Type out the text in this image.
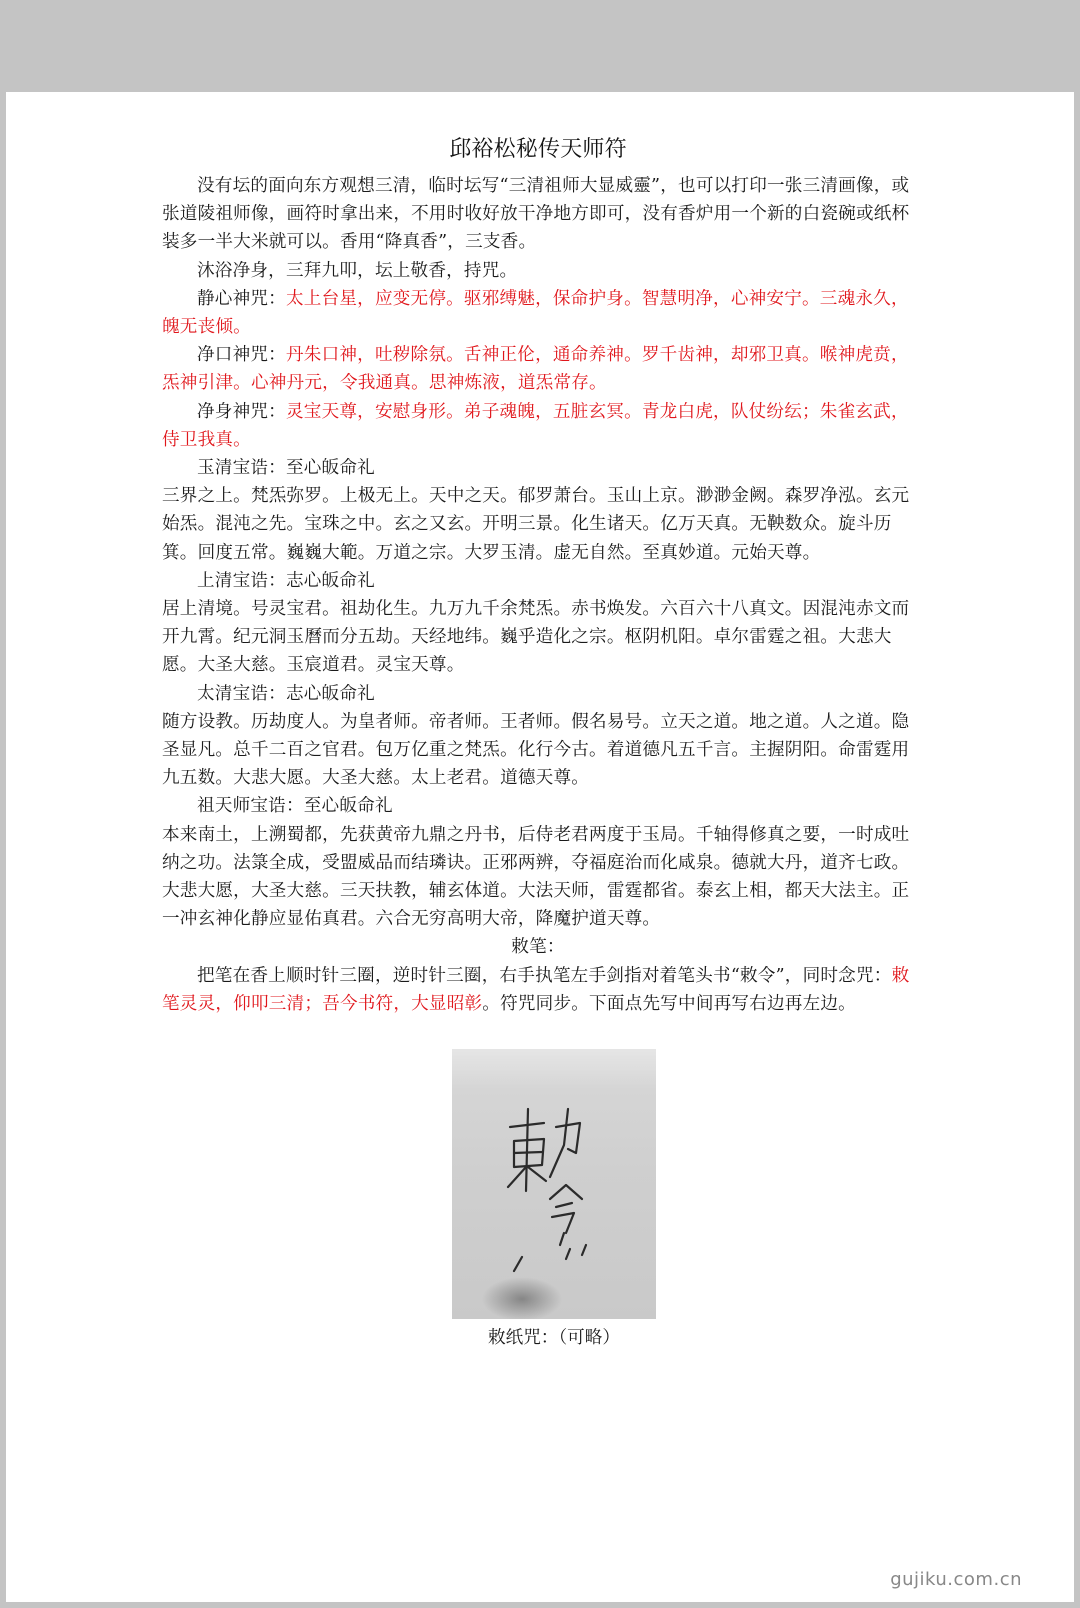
邱裕松秘传天师符

没有坛的面向东方观想三清，临时坛写“三清祖师大显威靈”，也可以打印一张三清画像，或张道陵祖师像，画符时拿出来，不用时收好放干净地方即可，没有香炉用一个新的白瓷碗或纸杯装多一半大米就可以。香用“降真香”，三支香。

沐浴净身，三拜九叩，坛上敬香，持咒。

静心神咒：太上台星，应变无停。驱邪缚魅，保命护身。智慧明净，心神安宁。三魂永久，魄无丧倾。

净口神咒：丹朱口神，吐秽除氛。舌神正伦，通命养神。罗千齿神，却邪卫真。喉神虎贲，炁神引津。心神丹元，令我通真。思神炼液，道炁常存。

净身神咒：灵宝天尊，安慰身形。弟子魂魄，五脏玄冥。青龙白虎，队仗纷纭；朱雀玄武，侍卫我真。

玉清宝诰：至心皈命礼

三界之上。梵炁弥罗。上极无上。天中之天。郁罗萧台。玉山上京。渺渺金阙。森罗净泓。玄元始炁。混沌之先。宝珠之中。玄之又玄。开明三景。化生诸天。亿万天真。无鞅数众。旋斗历箕。回度五常。巍巍大範。万道之宗。大罗玉清。虚无自然。至真妙道。元始天尊。

上清宝诰：志心皈命礼

居上清境。号灵宝君。祖劫化生。九万九千余梵炁。赤书焕发。六百六十八真文。因混沌赤文而开九霄。纪元洞玉曆而分五劫。天经地纬。巍乎造化之宗。枢阴机阳。卓尔雷霆之祖。大悲大愿。大圣大慈。玉宸道君。灵宝天尊。

太清宝诰：志心皈命礼

随方设教。历劫度人。为皇者师。帝者师。王者师。假名易号。立天之道。地之道。人之道。隐圣显凡。总千二百之官君。包万亿重之梵炁。化行今古。着道德凡五千言。主握阴阳。命雷霆用九五数。大悲大愿。大圣大慈。太上老君。道德天尊。

祖天师宝诰：至心皈命礼

本来南土，上溯蜀都，先获黄帝九鼎之丹书，后侍老君两度于玉局。千轴得修真之要，一时成吐纳之功。法箓全成，受盟威品而结璘诀。正邪两辨，夺福庭治而化咸泉。德就大丹，道齐七政。大悲大愿，大圣大慈。三天扶教，辅玄体道。大法天师，雷霆都省。泰玄上相，都天大法主。正一冲玄神化静应显佑真君。六合无穷高明大帝，降魔护道天尊。

敕笔：

把笔在香上顺时针三圈，逆时针三圈，右手执笔左手剑指对着笔头书“敕令”，同时念咒：敕笔灵灵，仰叩三清；吾今书符，大显昭彰。符咒同步。下面点先写中间再写右边再左边。

敕纸咒：（可略）
gujiku.com.cn
